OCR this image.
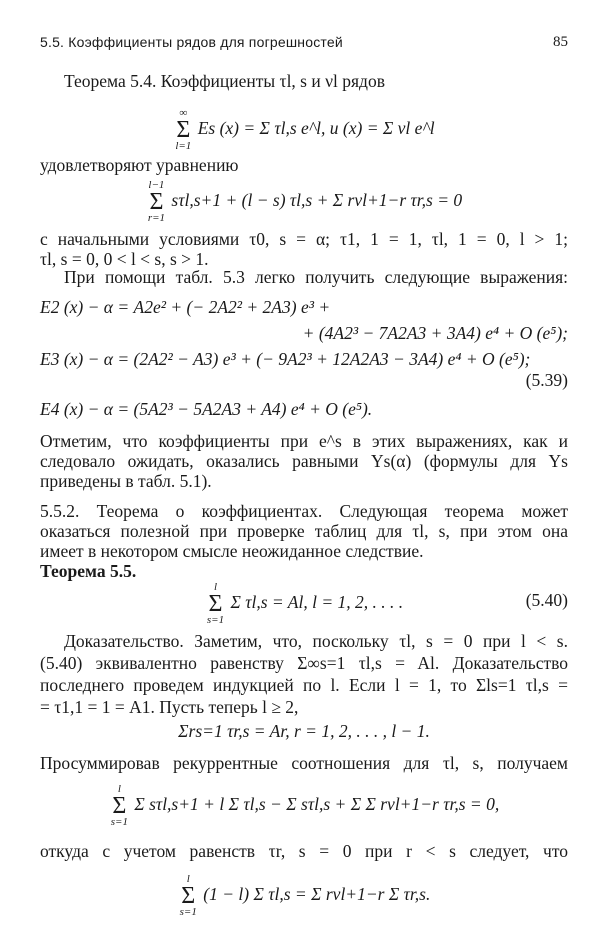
5.5. Коэффициенты рядов для погрешностей	85
Теорема 5.4. Коэффициенты τl, s и νl рядов
∞
Σ
l=1
Es (x) = Σ τl,s e^l, u (x) = Σ νl e^l
удовлетворяют уравнению
l−1
Σ
r=1
sτl,s+1 + (l − s) τl,s + Σ rνl+1−r τr,s = 0
с начальными условиями τ0, s = α; τ1, 1 = 1, τl, 1 = 0, l > 1;
τl, s = 0, 0 < l < s, s > 1.
При помощи табл. 5.3 легко получить следующие выражения:
E2 (x) − α = A2e² + (− 2A2² + 2A3) e³ +
+ (4A2³ − 7A2A3 + 3A4) e⁴ + O (e⁵);
E3 (x) − α = (2A2² − A3) e³ + (− 9A2³ + 12A2A3 − 3A4) e⁴ + O (e⁵);
(5.39)
E4 (x) − α = (5A2³ − 5A2A3 + A4) e⁴ + O (e⁵).
Отметим, что коэффициенты при e^s в этих выражениях, как и
следовало ожидать, оказались равными Ys(α) (формулы для Ys
приведены в табл. 5.1).
5.5.2. Теорема о коэффициентах. Следующая теорема может
оказаться полезной при проверке таблиц для τl, s, при этом она
имеет в некотором смысле неожиданное следствие.
Теорема 5.5.
l
Σ
s=1
Σ τl,s = Al, l = 1, 2, . . . .	(5.40)
Доказательство. Заметим, что, поскольку τl, s = 0 при l < s.
(5.40) эквивалентно равенству Σ∞s=1 τl,s = Al. Доказательство
последнего проведем индукцией по l. Если l = 1, то Σls=1 τl,s =
= τ1,1 = 1 = A1. Пусть теперь l ≥ 2,
Σrs=1 τr,s = Ar, r = 1, 2, . . . , l − 1.
Просуммировав рекуррентные соотношения для τl, s, получаем
l
Σ
s=1
Σ sτl,s+1 + l Σ τl,s − Σ sτl,s + Σ Σ rνl+1−r τr,s = 0,
откуда с учетом равенств τr, s = 0 при r < s следует, что
l
Σ
s=1
(1 − l) Σ τl,s = Σ rνl+1−r Σ τr,s.
